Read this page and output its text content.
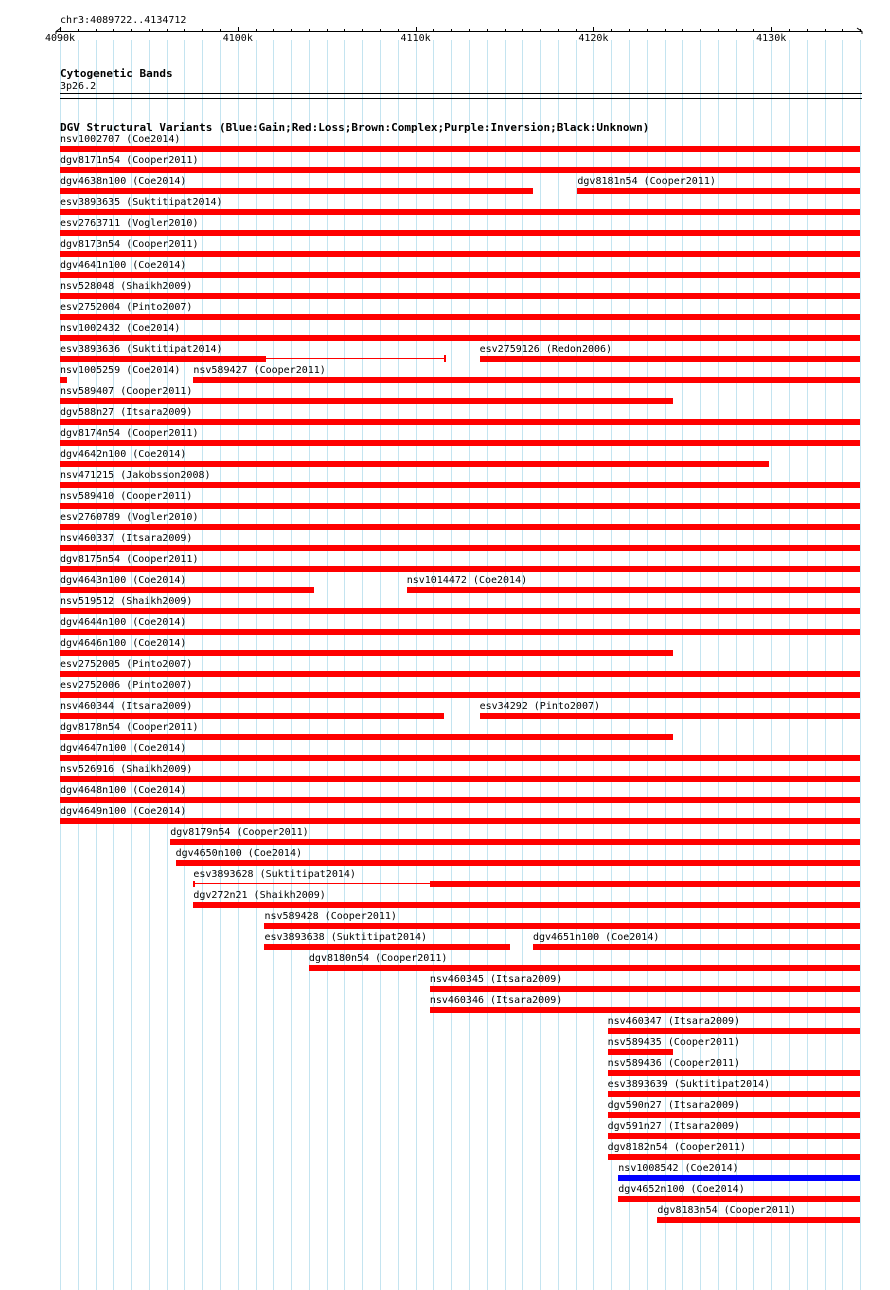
chr3:4089722..4134712
4090k	4100k	4110k	4120k	4130k
Cytogenetic Bands
3p26.2
DGV Structural Variants (Blue:Gain;Red:Loss;Brown:Complex;Purple:Inversion;Black:Unknown)
nsv1002707 (Coe2014)
dgv8171n54 (Cooper2011)
dgv4638n100 (Coe2014)	dgv8181n54 (Cooper2011)
esv3893635 (Suktitipat2014)
esv2763711 (Vogler2010)
dgv8173n54 (Cooper2011)
dgv4641n100 (Coe2014)
nsv528048 (Shaikh2009)
esv2752004 (Pinto2007)
nsv1002432 (Coe2014)
esv3893636 (Suktitipat2014)	esv2759126 (Redon2006)
nsv1005259 (Coe2014) nsv589427 (Cooper2011)
nsv589407 (Cooper2011)
dgv588n27 (Itsara2009)
dgv8174n54 (Cooper2011)
dgv4642n100 (Coe2014)
nsv471215 (Jakobsson2008)
nsv589410 (Cooper2011)
esv2760789 (Vogler2010)
nsv460337 (Itsara2009)
dgv8175n54 (Cooper2011)
dgv4643n100 (Coe2014)	nsv1014472 (Coe2014)
nsv519512 (Shaikh2009)
dgv4644n100 (Coe2014)
dgv4646n100 (Coe2014)
esv2752005 (Pinto2007)
esv2752006 (Pinto2007)
nsv460344 (Itsara2009)	esv34292 (Pinto2007)
dgv8178n54 (Cooper2011)
dgv4647n100 (Coe2014)
nsv526916 (Shaikh2009)
dgv4648n100 (Coe2014)
dgv4649n100 (Coe2014)
dgv8179n54 (Cooper2011)
dgv4650n100 (Coe2014)
esv3893628 (Suktitipat2014)
dgv272n21 (Shaikh2009)
nsv589428 (Cooper2011)
esv3893638 (Suktitipat2014)	dgv4651n100 (Coe2014)
dgv8180n54 (Cooper2011)
nsv460345 (Itsara2009)
nsv460346 (Itsara2009)
nsv460347 (Itsara2009)
nsv589435 (Cooper2011)
nsv589436 (Cooper2011)
esv3893639 (Suktitipat2014)
dgv590n27 (Itsara2009)
dgv591n27 (Itsara2009)
dgv8182n54 (Cooper2011)
nsv1008542 (Coe2014)
dgv4652n100 (Coe2014)
dgv8183n54 (Cooper2011)
